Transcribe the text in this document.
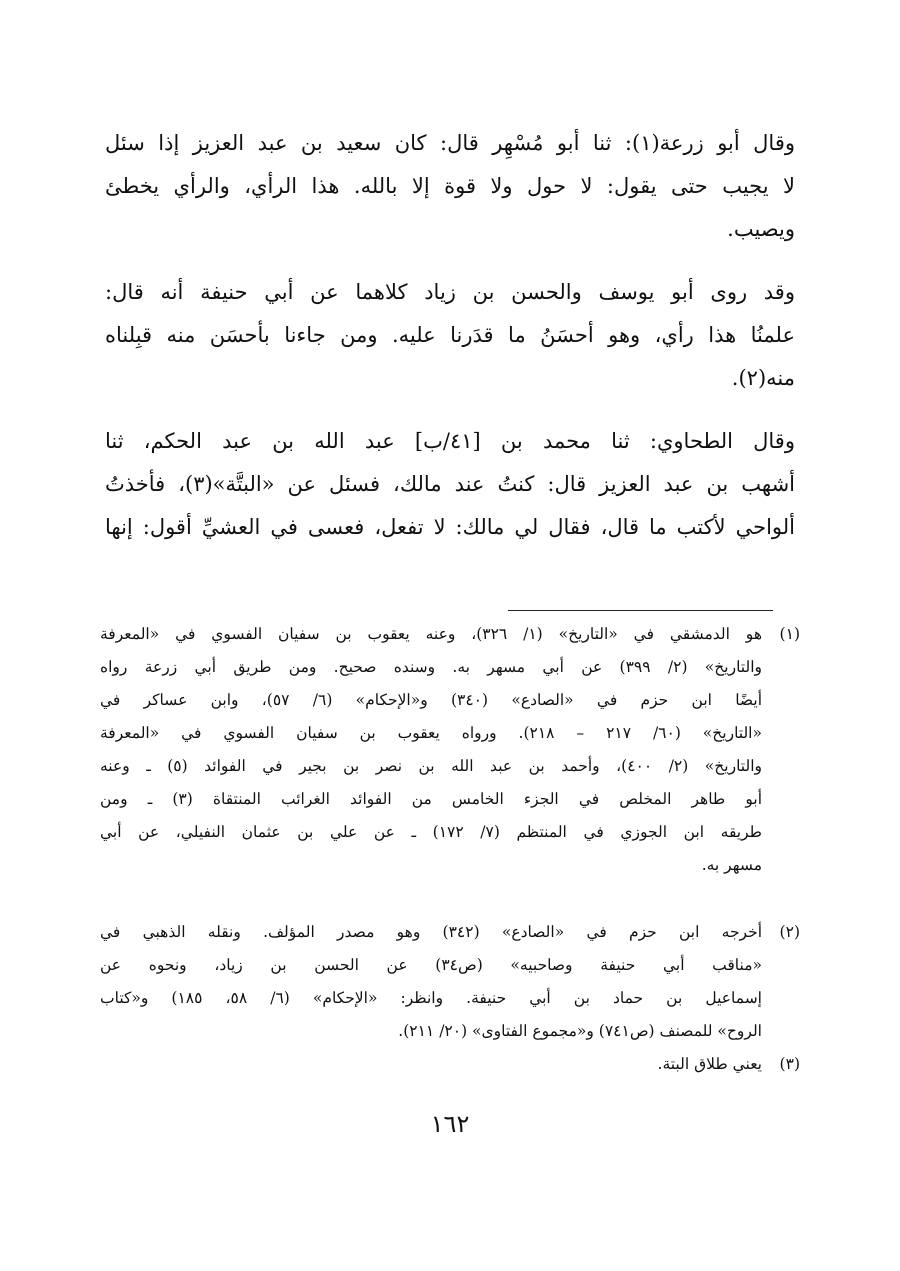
وقال أبو زرعة(١): ثنا أبو مُسْهِر قال: كان سعيد بن عبد العزيز إذا سئل
لا يجيب حتى يقول: لا حول ولا قوة إلا بالله. هذا الرأي، والرأي يخطئ
ويصيب.
وقد روى أبو يوسف والحسن بن زياد كلاهما عن أبي حنيفة أنه قال:
علمنُا هذا رأي، وهو أحسَنُ ما قدَرنا عليه. ومن جاءنا بأحسَن منه قبِلناه
منه(٢).
وقال الطحاوي: ثنا محمد بن [٤١/ب] عبد الله بن عبد الحكم، ثنا
أشهب بن عبد العزيز قال: كنتُ عند مالك، فسئل عن «البتَّة»(٣)، فأخذتُ
ألواحي لأكتب ما قال، فقال لي مالك: لا تفعل، فعسى في العشيِّ أقول: إنها
(١)
هو الدمشقي في «التاريخ» (١/ ٣٢٦)، وعنه يعقوب بن سفيان الفسوي في «المعرفة
والتاريخ» (٢/ ٣٩٩) عن أبي مسهر به. وسنده صحيح. ومن طريق أبي زرعة رواه
أيضًا ابن حزم في «الصادع» (٣٤٠) و«الإحكام» (٦/ ٥٧)، وابن عساكر في
«التاريخ» (٦٠/ ٢١٧ – ٢١٨). ورواه يعقوب بن سفيان الفسوي في «المعرفة
والتاريخ» (٢/ ٤٠٠)، وأحمد بن عبد الله بن نصر بن بجير في الفوائد (٥) ـ وعنه
أبو طاهر المخلص في الجزء الخامس من الفوائد الغرائب المنتقاة (٣) ـ ومن
طريقه ابن الجوزي في المنتظم (٧/ ١٧٢) ـ عن علي بن عثمان النفيلي، عن أبي
مسهر به.
(٢)
أخرجه ابن حزم في «الصادع» (٣٤٢) وهو مصدر المؤلف. ونقله الذهبي في
«مناقب أبي حنيفة وصاحبيه» (ص٣٤) عن الحسن بن زياد، ونحوه عن
إسماعيل بن حماد بن أبي حنيفة. وانظر: «الإحكام» (٦/ ٥٨، ١٨٥) و«كتاب
الروح» للمصنف (ص٧٤١) و«مجموع الفتاوى» (٢٠/ ٢١١).
(٣)
يعني طلاق البتة.
١٦٢
